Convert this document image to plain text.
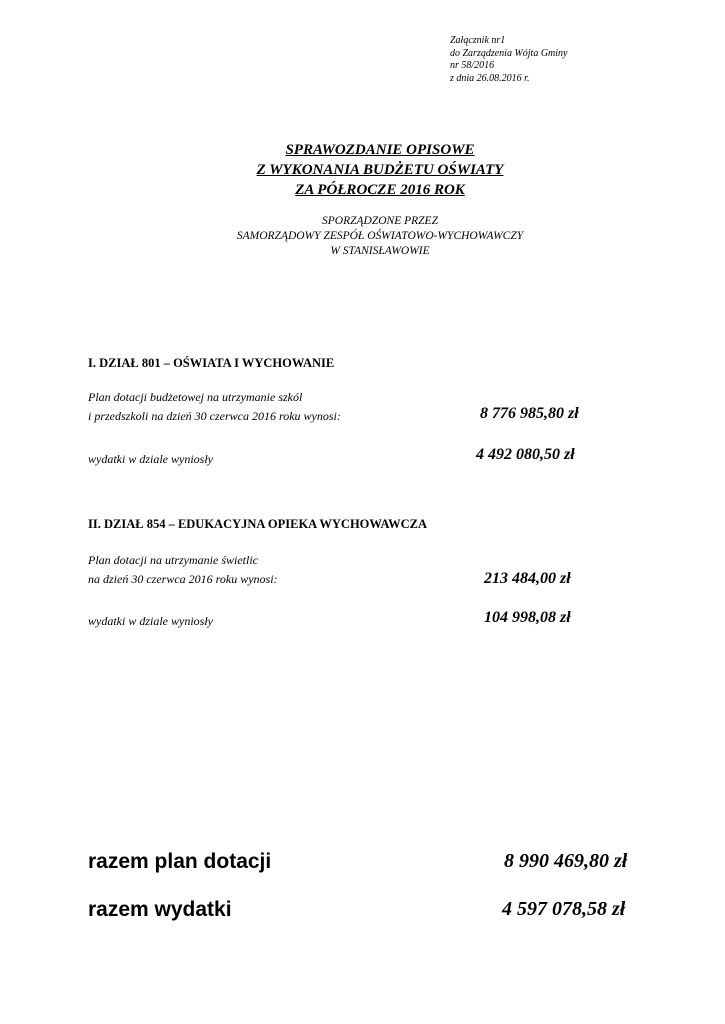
Załącznik nr1
do Zarządzenia Wójta Gminy
nr 58/2016
z dnia 26.08.2016 r.
SPRAWOZDANIE OPISOWE
Z WYKONANIA BUDŻETU OŚWIATY
ZA PÓŁROCZE 2016 ROK
SPORZĄDZONE PRZEZ
SAMORZĄDOWY ZESPÓŁ OŚWIATOWO-WYCHOWAWCZY
W STANISŁAWOWIE
I. DZIAŁ 801 – OŚWIATA I WYCHOWANIE
Plan dotacji budżetowej na utrzymanie szkól
i przedszkoli na dzień 30 czerwca 2016 roku wynosi:	8 776 985,80 zł
wydatki w dziale wyniosły	4 492 080,50 zł
II. DZIAŁ 854 – EDUKACYJNA OPIEKA WYCHOWAWCZA
Plan dotacji na utrzymanie świetlic
na dzień 30 czerwca 2016 roku wynosi:	213 484,00 zł
wydatki w dziale wyniosły	104 998,08 zł
razem plan dotacji	8 990 469,80 zł
razem wydatki	4 597 078,58 zł
